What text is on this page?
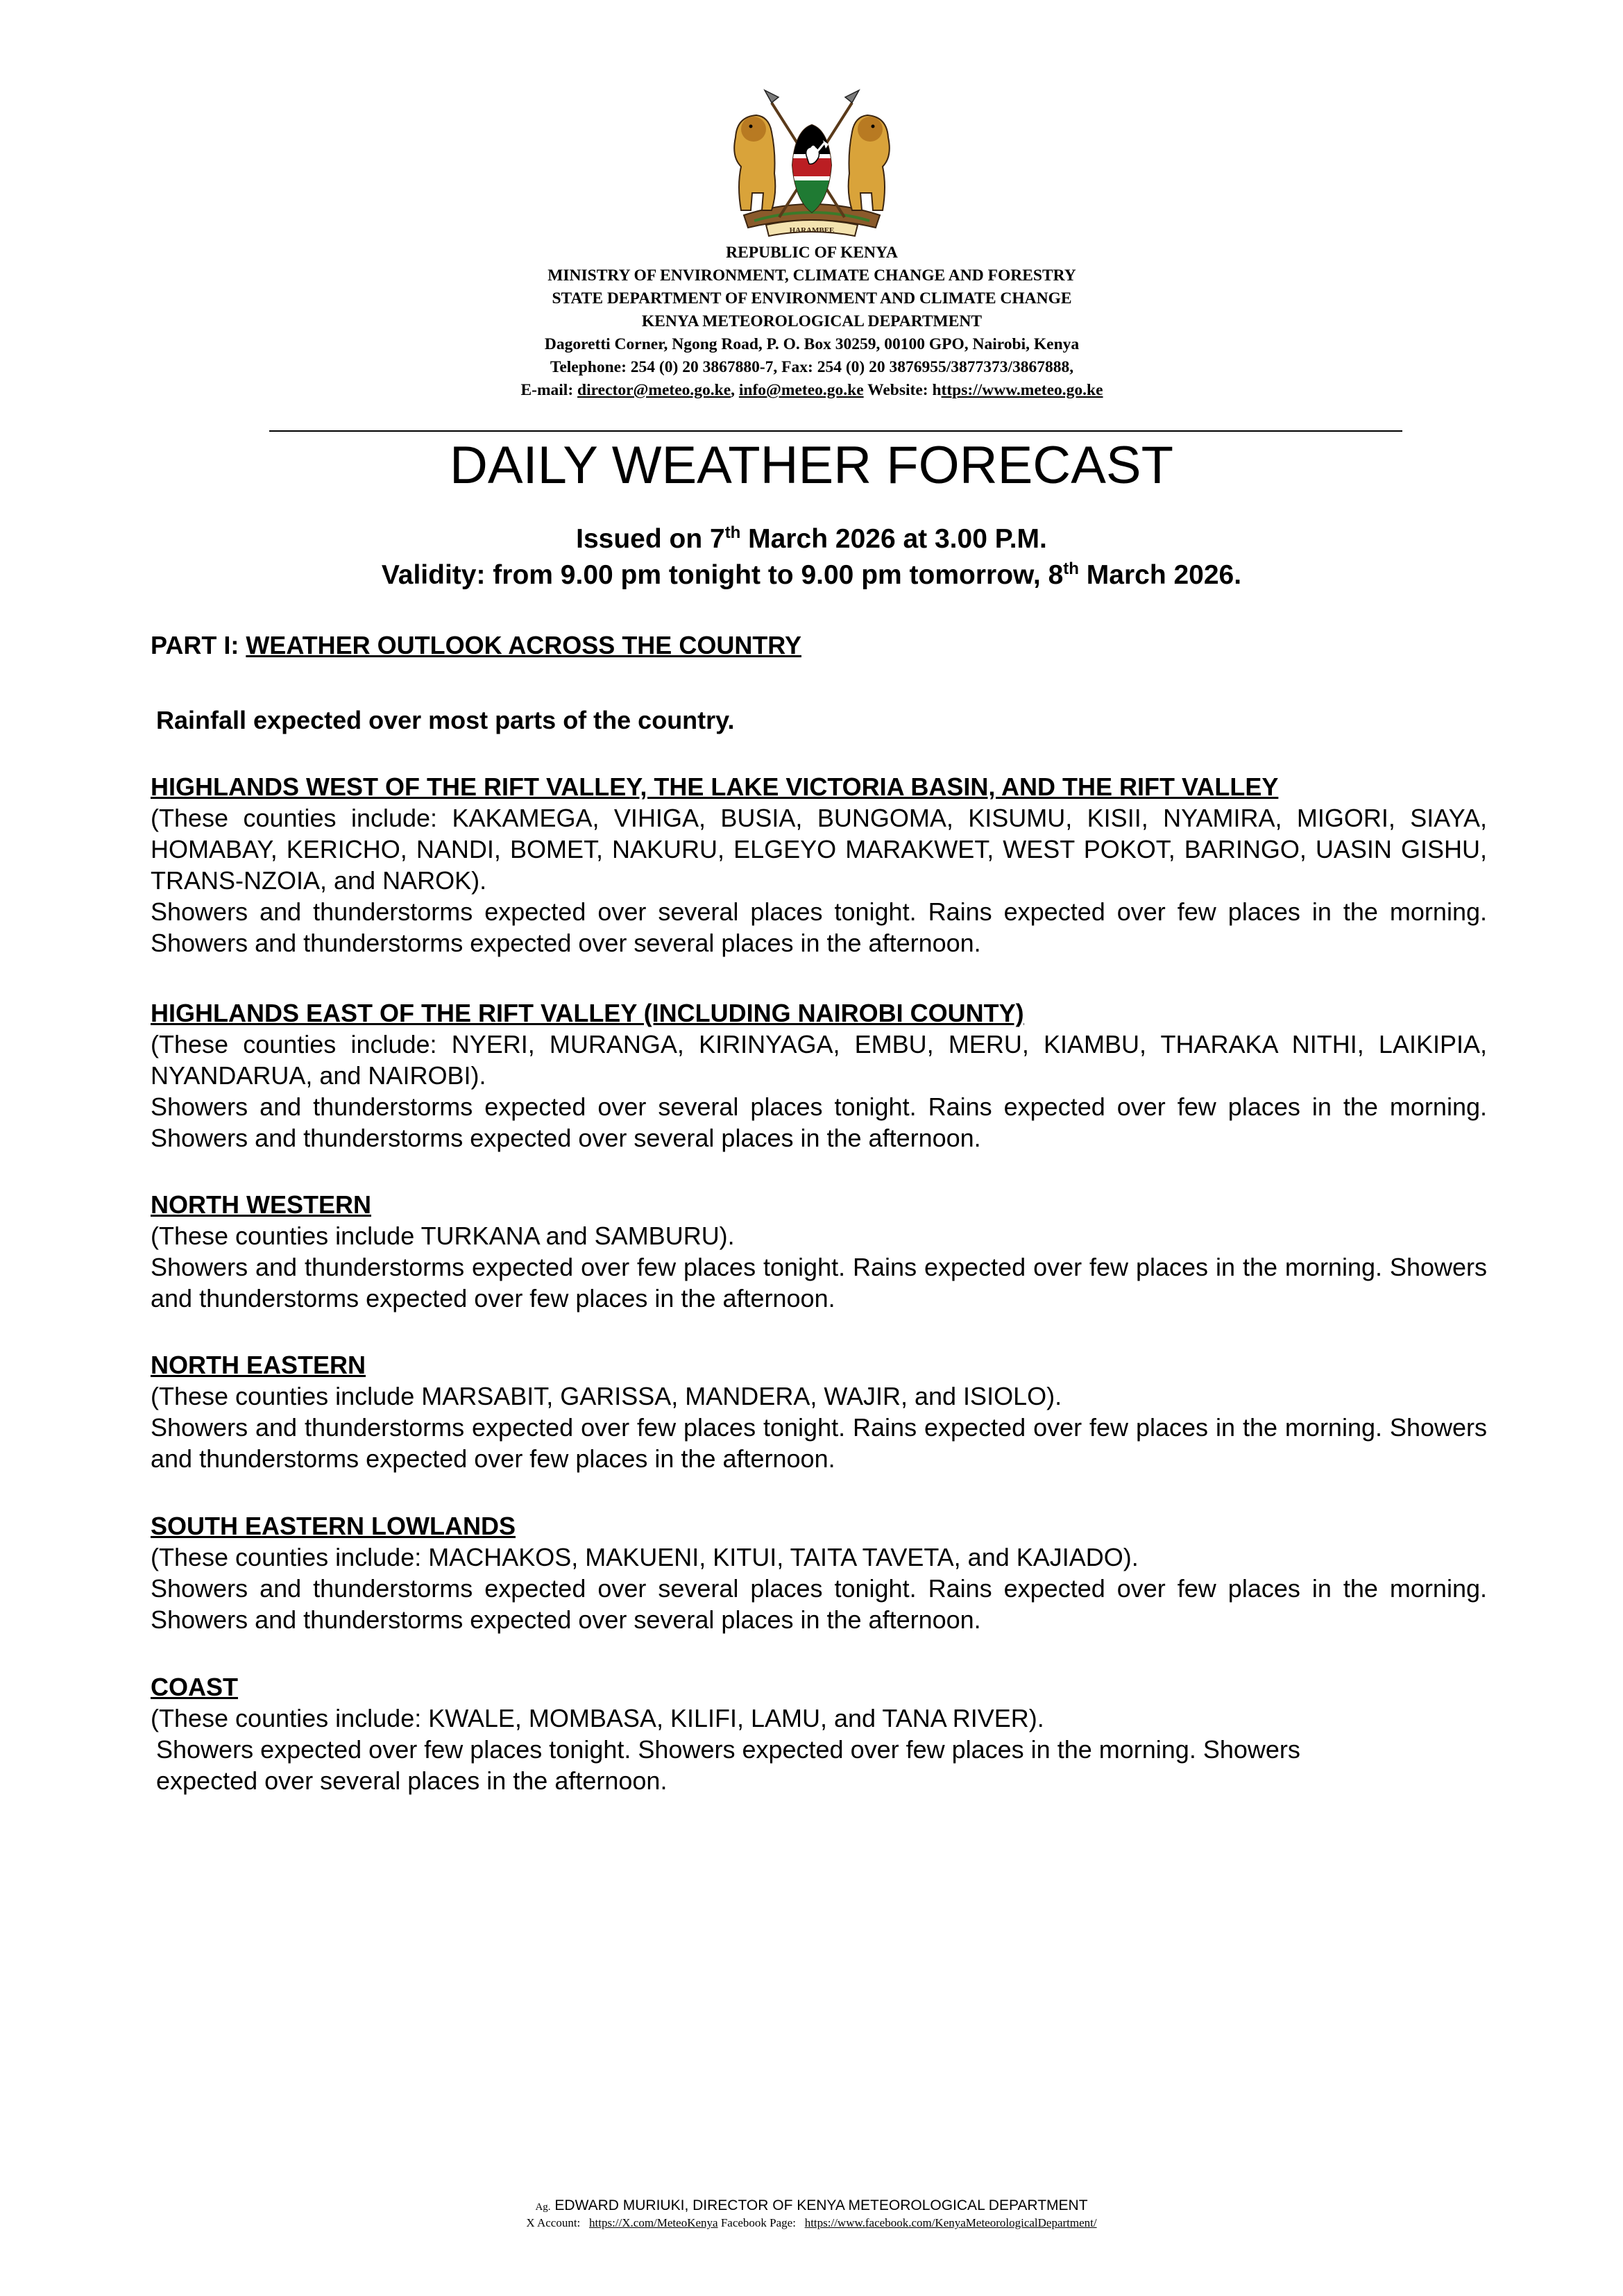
HARAMBEE
REPUBLIC OF KENYA
MINISTRY OF ENVIRONMENT, CLIMATE CHANGE AND FORESTRY
STATE DEPARTMENT OF ENVIRONMENT AND CLIMATE CHANGE
KENYA METEOROLOGICAL DEPARTMENT
Dagoretti Corner, Ngong Road, P. O. Box 30259, 00100 GPO, Nairobi, Kenya
Telephone: 254 (0) 20 3867880-7, Fax: 254 (0) 20 3876955/3877373/3867888,
E-mail: director@meteo.go.ke, info@meteo.go.ke Website: https://www.meteo.go.ke
DAILY WEATHER FORECAST
Issued on 7th March 2026 at 3.00 P.M.
Validity: from 9.00 pm tonight to 9.00 pm tomorrow, 8th March 2026.
PART I: WEATHER OUTLOOK ACROSS THE COUNTRY
Rainfall expected over most parts of the country.
HIGHLANDS WEST OF THE RIFT VALLEY, THE LAKE VICTORIA BASIN, AND THE RIFT VALLEY

(These counties include: KAKAMEGA, VIHIGA, BUSIA, BUNGOMA, KISUMU, KISII, NYAMIRA, MIGORI, SIAYA, HOMABAY, KERICHO, NANDI, BOMET, NAKURU, ELGEYO MARAKWET, WEST POKOT, BARINGO, UASIN GISHU, TRANS-NZOIA, and NAROK).

Showers and thunderstorms expected over several places tonight. Rains expected over few places in the morning. Showers and thunderstorms expected over several places in the afternoon.

HIGHLANDS EAST OF THE RIFT VALLEY (INCLUDING NAIROBI COUNTY)

(These counties include: NYERI, MURANGA, KIRINYAGA, EMBU, MERU, KIAMBU, THARAKA NITHI, LAIKIPIA, NYANDARUA, and NAIROBI).

Showers and thunderstorms expected over several places tonight. Rains expected over few places in the morning. Showers and thunderstorms expected over several places in the afternoon.

NORTH WESTERN

(These counties include TURKANA and SAMBURU).

Showers and thunderstorms expected over few places tonight. Rains expected over few places in the morning. Showers and thunderstorms expected over few places in the afternoon.

NORTH EASTERN

(These counties include MARSABIT, GARISSA, MANDERA, WAJIR, and ISIOLO).

Showers and thunderstorms expected over few places tonight. Rains expected over few places in the morning. Showers and thunderstorms expected over few places in the afternoon.

SOUTH EASTERN LOWLANDS

(These counties include: MACHAKOS, MAKUENI, KITUI, TAITA TAVETA, and KAJIADO).

Showers and thunderstorms expected over several places tonight. Rains expected over few places in the morning. Showers and thunderstorms expected over several places in the afternoon.

COAST
(These counties include: KWALE, MOMBASA, KILIFI, LAMU, and TANA RIVER).
Showers expected over few places tonight. Showers expected over few places in the morning. Showers
expected over several places in the afternoon.
Ag. EDWARD MURIUKI, DIRECTOR OF KENYA METEOROLOGICAL DEPARTMENT
X Account: https://X.com/MeteoKenya Facebook Page: https://www.facebook.com/KenyaMeteorologicalDepartment/
